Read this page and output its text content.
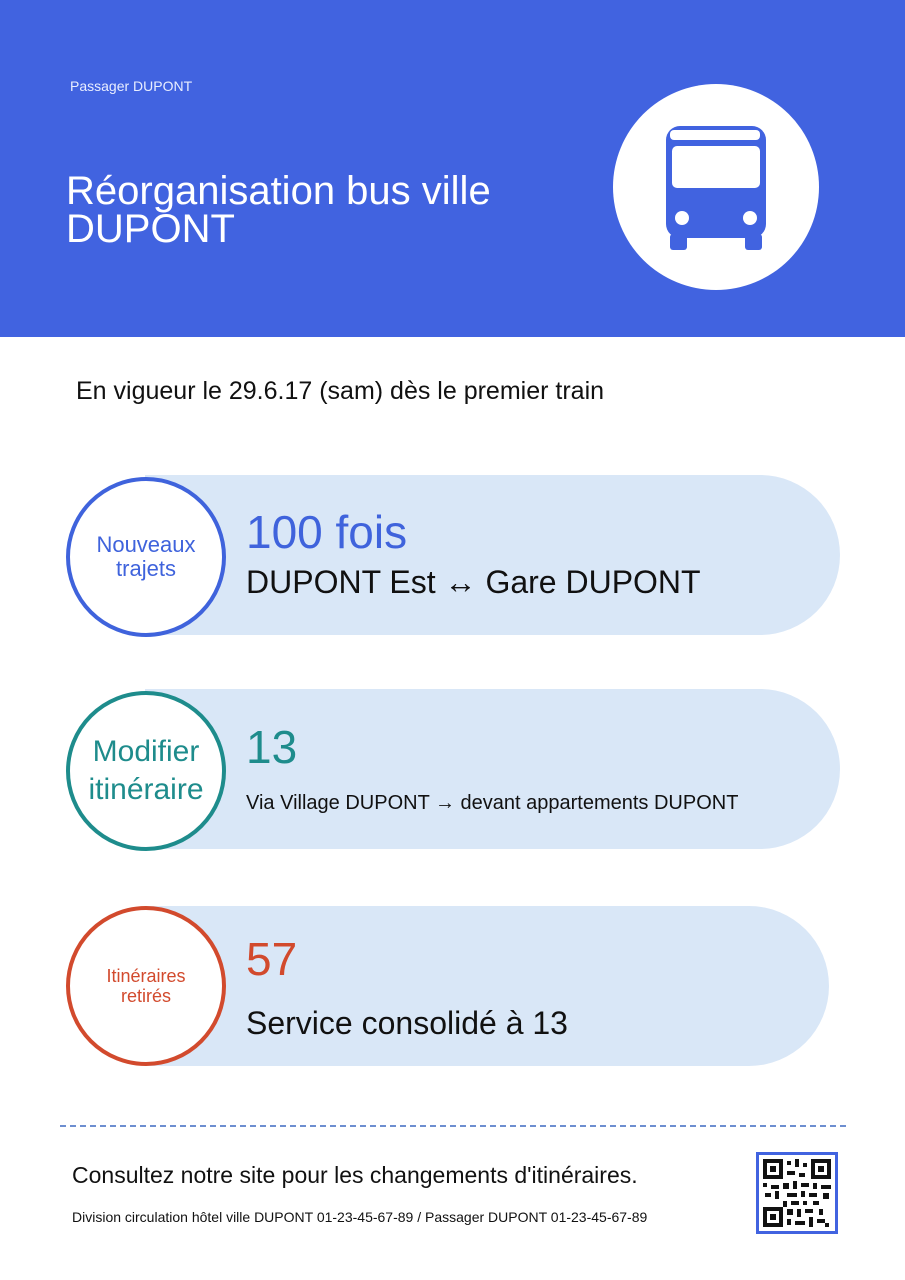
Passager DUPONT
Réorganisation bus ville DUPONT
En vigueur le 29.6.17 (sam) dès le premier train
Nouveaux
trajets
100 fois
DUPONT Est ↔ Gare DUPONT
Modifier
itinéraire
13
Via Village DUPONT → devant appartements DUPONT
Itinéraires
retirés
57
Service consolidé à 13
Consultez notre site pour les changements d'itinéraires.
Division circulation hôtel ville DUPONT 01-23-45-67-89 / Passager DUPONT 01-23-45-67-89
